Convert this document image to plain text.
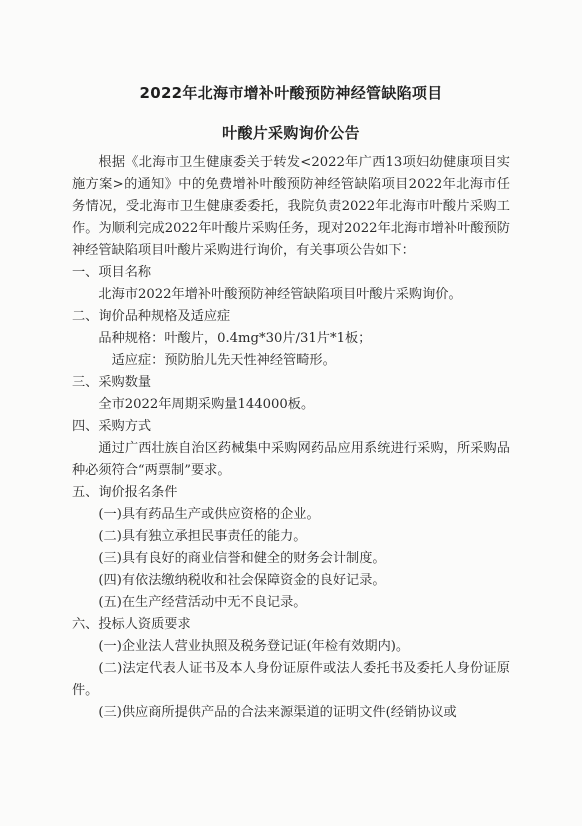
2022年北海市增补叶酸预防神经管缺陷项目
叶酸片采购询价公告

根据《北海市卫生健康委关于转发<2022年广西13项妇幼健康项目实施方案>的通知》中的免费增补叶酸预防神经管缺陷项目2022年北海市任务情况，受北海市卫生健康委委托，我院负责2022年北海市叶酸片采购工作。为顺利完成2022年叶酸片采购任务，现对2022年北海市增补叶酸预防神经管缺陷项目叶酸片采购进行询价，有关事项公告如下：

一、项目名称

北海市2022年增补叶酸预防神经管缺陷项目叶酸片采购询价。

二、询价品种规格及适应症

品种规格：叶酸片，0.4mg*30片/31片*1板；

适应症：预防胎儿先天性神经管畸形。

三、采购数量

全市2022年周期采购量144000板。

四、采购方式

通过广西壮族自治区药械集中采购网药品应用系统进行采购，所采购品种必须符合“两票制”要求。

五、询价报名条件

(一)具有药品生产或供应资格的企业。

(二)具有独立承担民事责任的能力。

(三)具有良好的商业信誉和健全的财务会计制度。

(四)有依法缴纳税收和社会保障资金的良好记录。

(五)在生产经营活动中无不良记录。

六、投标人资质要求

(一)企业法人营业执照及税务登记证(年检有效期内)。

(二)法定代表人证书及本人身份证原件或法人委托书及委托人身份证原件。

(三)供应商所提供产品的合法来源渠道的证明文件(经销协议或
